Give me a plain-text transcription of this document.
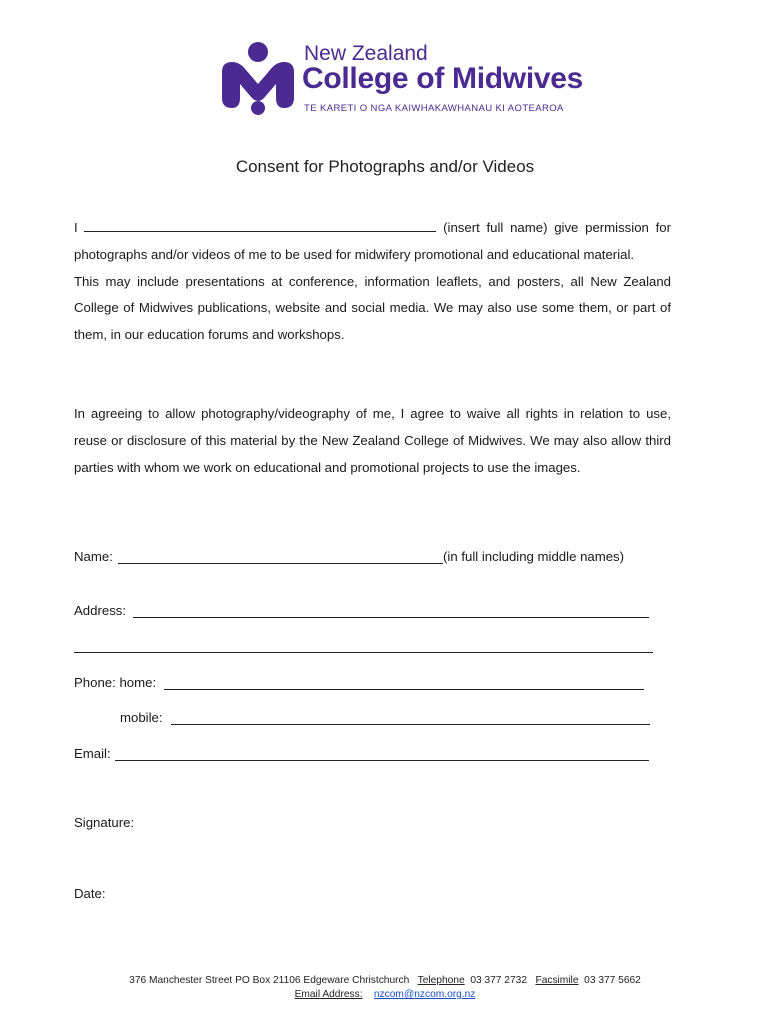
New Zealand
College of Midwives
TE KARETI O NGA KAIWHAKAWHANAU KI AOTEAROA
Consent for Photographs and/or Videos

I	(insert full name) give permission for photographs and/or videos of me to be used for midwifery promotional and educational material.

This may include presentations at conference, information leaflets, and posters, all New Zealand College of Midwives publications, website and social media. We may also use some them, or part of them, in our education forums and workshops.

In agreeing to allow photography/videography of me, I agree to waive all rights in relation to use, reuse or disclosure of this material by the New Zealand College of Midwives. We may also allow third parties with whom we work on educational and promotional projects to use the images.
Name:	(in full including middle names)
Address:
Phone: home:
mobile:
Email:
Signature:
Date:
376 Manchester Street PO Box 21106 Edgeware Christchurch Telephone 03 377 2732 Facsimile 03 377 5662
Email Address: nzcom@nzcom.org.nz
